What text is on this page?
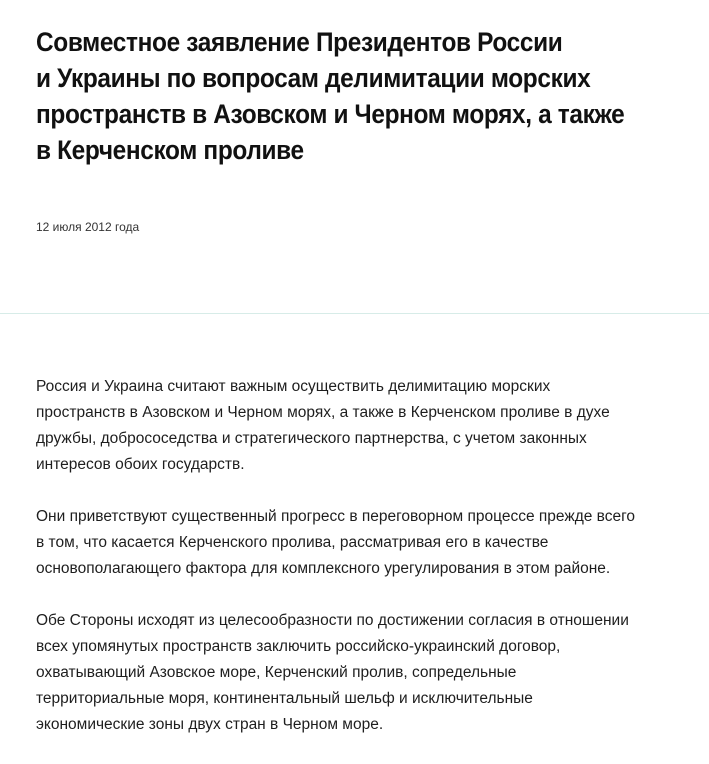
Совместное заявление Президентов России
и Украины по вопросам делимитации морских
пространств в Азовском и Черном морях, а также
в Керченском проливе
12 июля 2012 года

Россия и Украина считают важным осуществить делимитацию морских
пространств в Азовском и Черном морях, а также в Керченском проливе в духе
дружбы, добрососедства и стратегического партнерства, с учетом законных
интересов обоих государств.

Они приветствуют существенный прогресс в переговорном процессе прежде всего
в том, что касается Керченского пролива, рассматривая его в качестве
основополагающего фактора для комплексного урегулирования в этом районе.

Обе Стороны исходят из целесообразности по достижении согласия в отношении
всех упомянутых пространств заключить российско-украинский договор,
охватывающий Азовское море, Керченский пролив, сопредельные
территориальные моря, континентальный шельф и исключительные
экономические зоны двух стран в Черном море.
